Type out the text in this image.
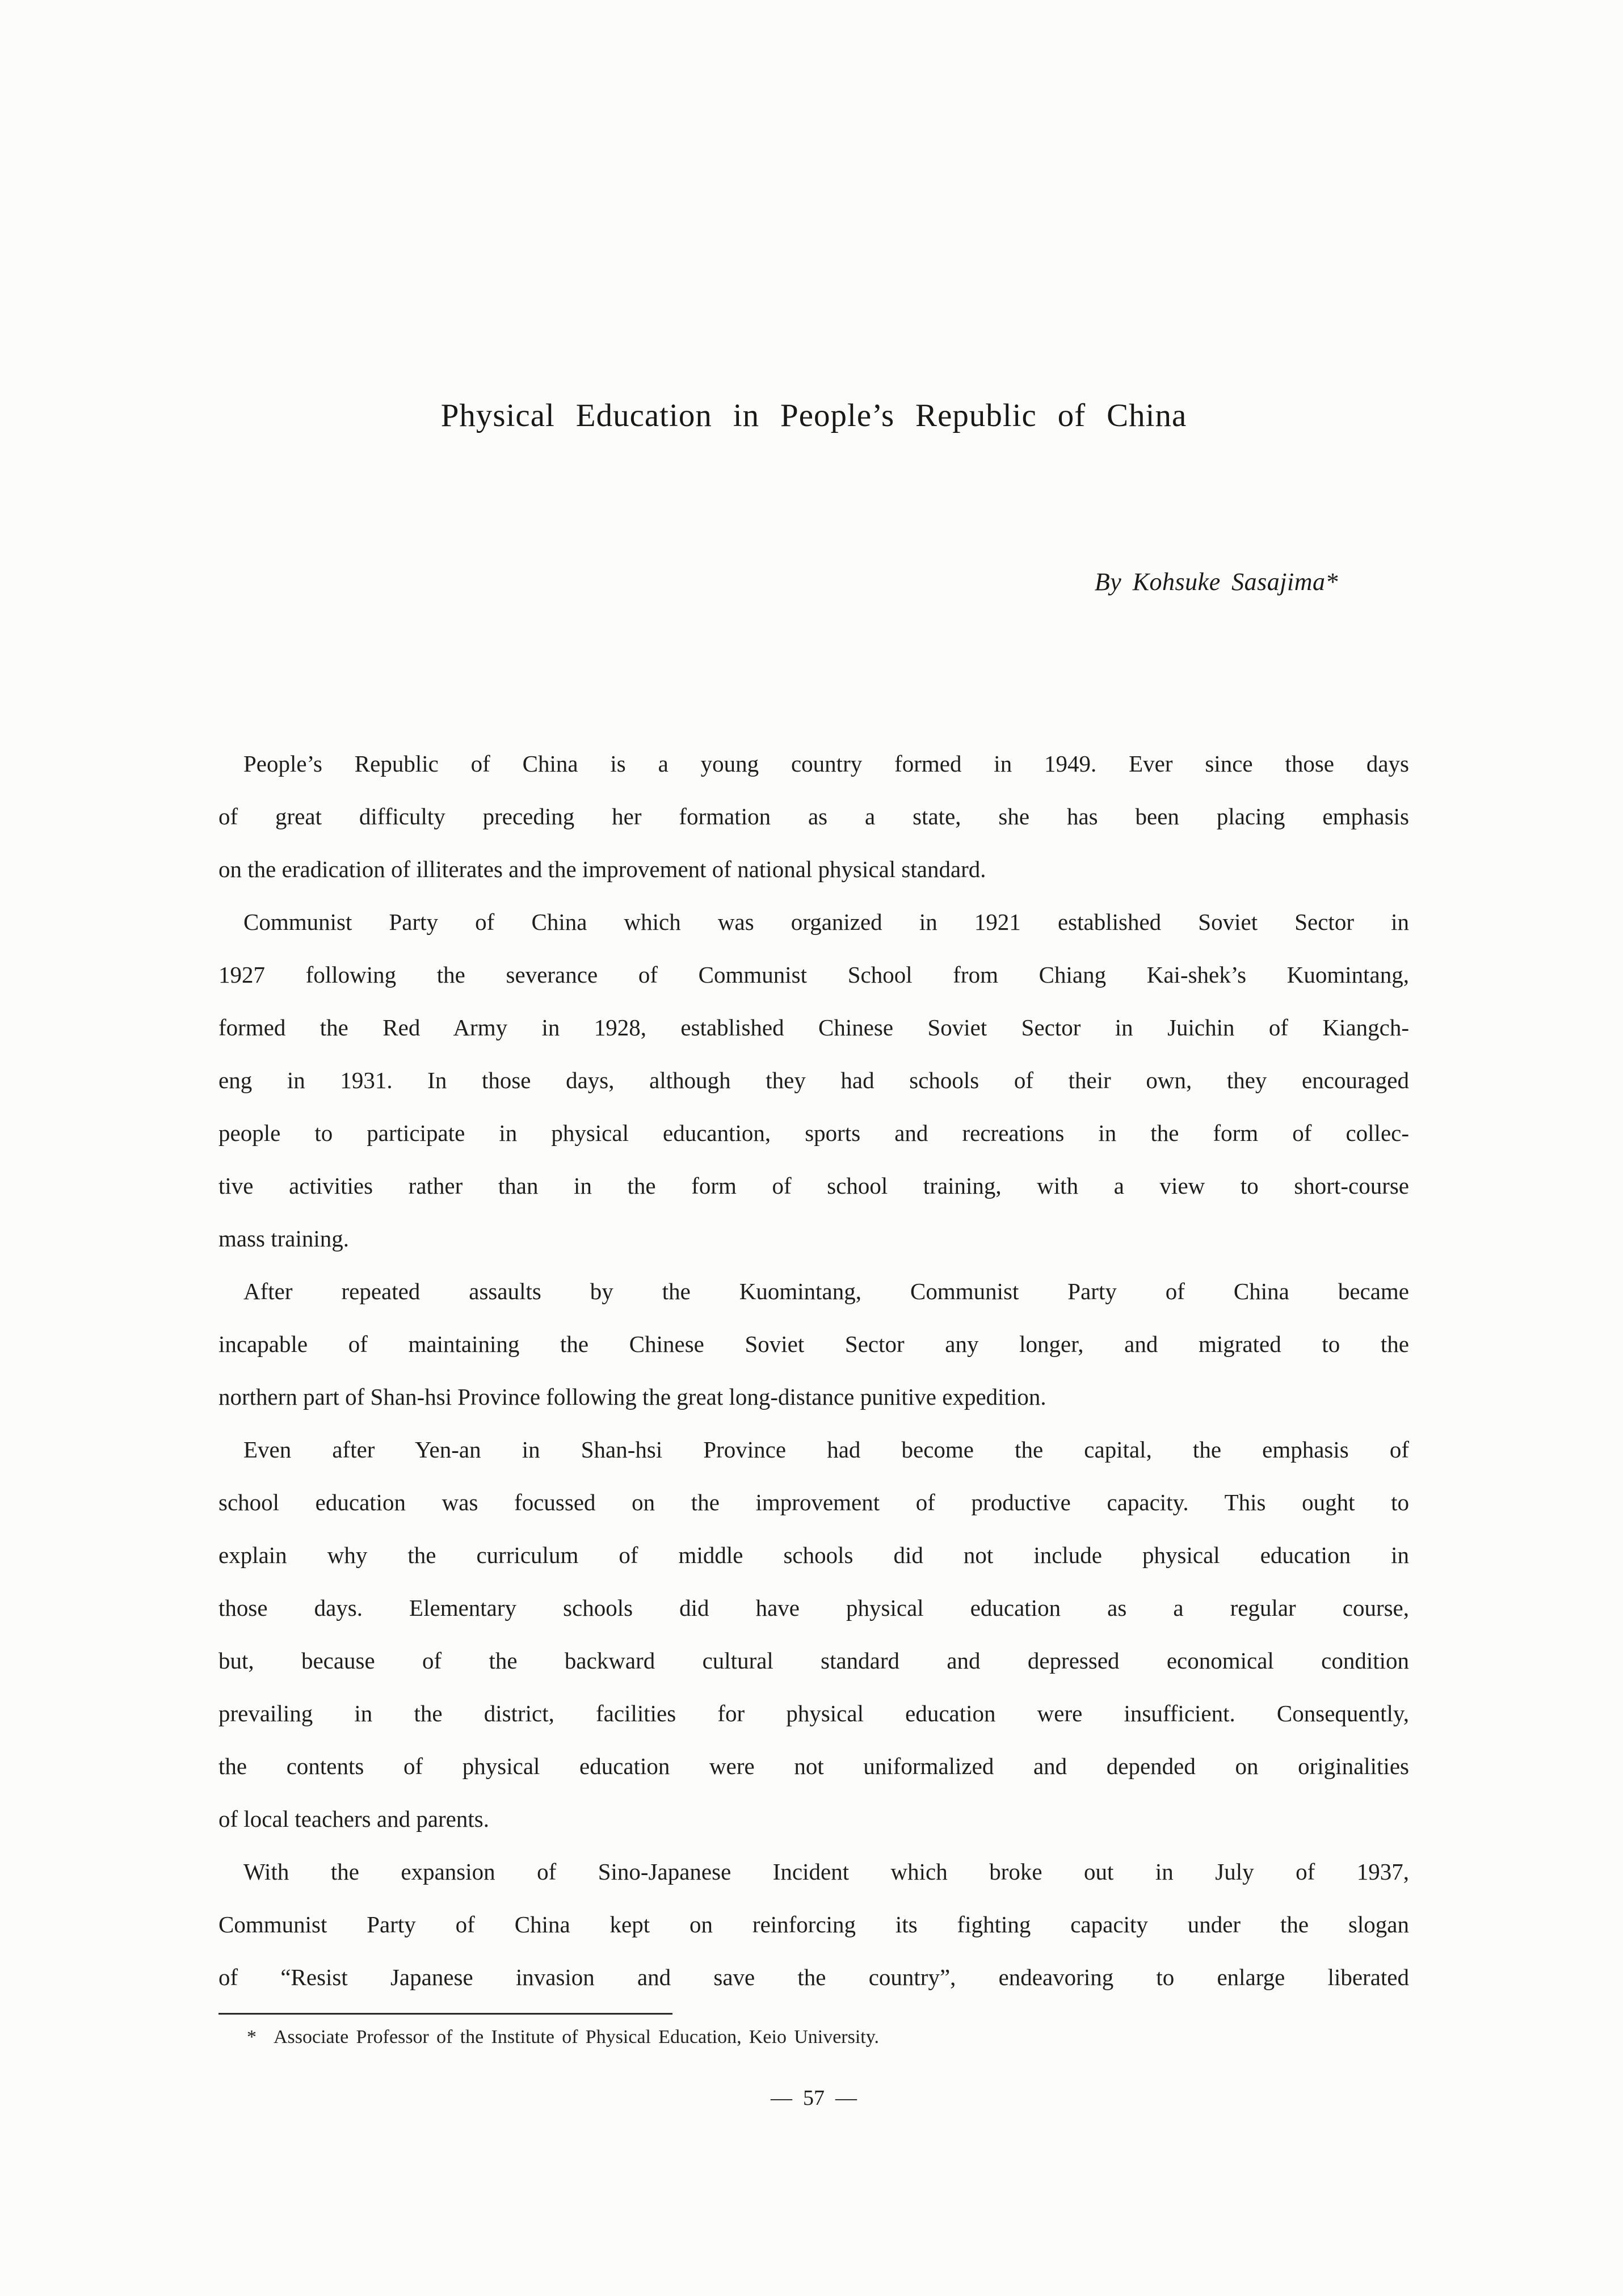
Physical Education in People’s Republic of China
By Kohsuke Sasajima*
People’s Republic of China is a young country formed in 1949. Ever since those days
of great difficulty preceding her formation as a state, she has been placing emphasis
on the eradication of illiterates and the improvement of national physical standard.
Communist Party of China which was organized in 1921 established Soviet Sector in
1927 following the severance of Communist School from Chiang Kai-shek’s Kuomintang,
formed the Red Army in 1928, established Chinese Soviet Sector in Juichin of Kiangch-
eng in 1931. In those days, although they had schools of their own, they encouraged
people to participate in physical educantion, sports and recreations in the form of collec-
tive activities rather than in the form of school training, with a view to short-course
mass training.
After repeated assaults by the Kuomintang, Communist Party of China became
incapable of maintaining the Chinese Soviet Sector any longer, and migrated to the
northern part of Shan-hsi Province following the great long-distance punitive expedition.
Even after Yen-an in Shan-hsi Province had become the capital, the emphasis of
school education was focussed on the improvement of productive capacity. This ought to
explain why the curriculum of middle schools did not include physical education in
those days. Elementary schools did have physical education as a regular course,
but, because of the backward cultural standard and depressed economical condition
prevailing in the district, facilities for physical education were insufficient. Consequently,
the contents of physical education were not uniformalized and depended on originalities
of local teachers and parents.
With the expansion of Sino-Japanese Incident which broke out in July of 1937,
Communist Party of China kept on reinforcing its fighting capacity under the slogan
of “Resist Japanese invasion and save the country”, endeavoring to enlarge liberated
* Associate Professor of the Institute of Physical Education, Keio University.
— 57 —
